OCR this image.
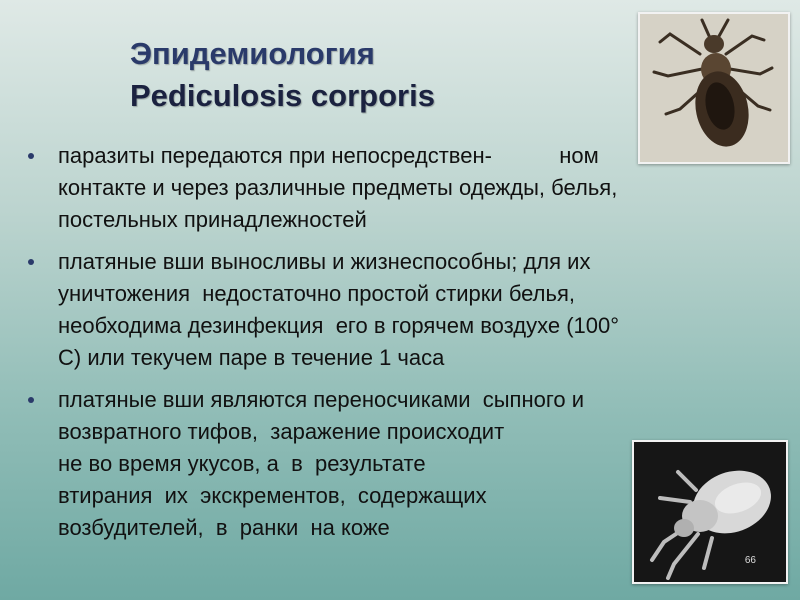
Эпидемиология
Pediculosis corporis
паразиты передаются при непосредствен-           ном
контакте и через различные предметы одежды, белья,
постельных принадлежностей
платяные вши выносливы и жизнеспособны; для их
уничтожения  недостаточно простой стирки белья,
необходима дезинфекция  его в горячем воздухе (100°
С) или текучем паре в течение 1 часа
платяные вши являются переносчиками  сыпного и
возвратного тифов,  заражение происходит
не во время укусов, а  в  результате
втирания  их  экскрементов,  содержащих
возбудителей,  в  ранки  на коже
66
